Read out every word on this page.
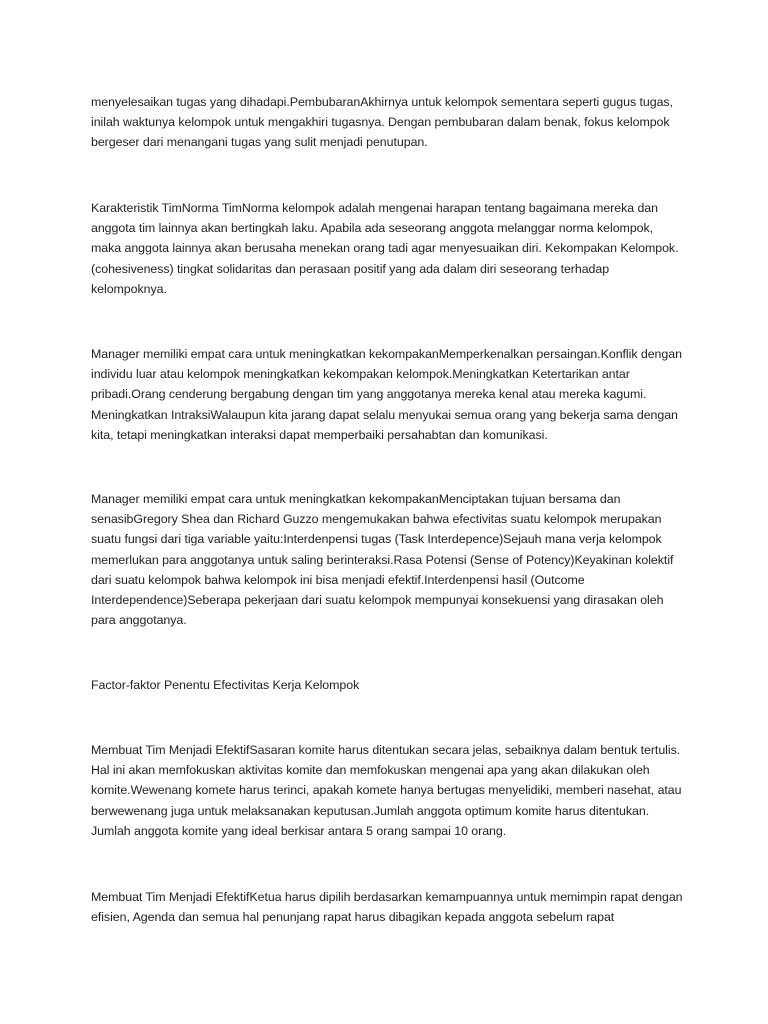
menyelesaikan tugas yang dihadapi.PembubaranAkhirnya untuk kelompok sementara seperti gugus tugas, inilah waktunya kelompok untuk mengakhiri tugasnya. Dengan pembubaran dalam benak, fokus kelompok bergeser dari menangani tugas yang sulit menjadi penutupan.

Karakteristik TimNorma TimNorma kelompok adalah mengenai harapan tentang bagaimana mereka dan anggota tim lainnya akan bertingkah laku. Apabila ada seseorang anggota melanggar norma kelompok, maka anggota lainnya akan berusaha menekan orang tadi agar menyesuaikan diri. Kekompakan Kelompok.(cohesiveness) tingkat solidaritas dan perasaan positif yang ada dalam diri seseorang terhadap kelompoknya.

Manager memiliki empat cara untuk meningkatkan kekompakanMemperkenalkan persaingan.Konflik dengan individu luar atau kelompok meningkatkan kekompakan kelompok.Meningkatkan Ketertarikan antar pribadi.Orang cenderung bergabung dengan tim yang anggotanya mereka kenal atau mereka kagumi. Meningkatkan IntraksiWalaupun kita jarang dapat selalu menyukai semua orang yang bekerja sama dengan kita, tetapi meningkatkan interaksi dapat memperbaiki persahabtan dan komunikasi.

Manager memiliki empat cara untuk meningkatkan kekompakanMenciptakan tujuan bersama dan senasibGregory Shea dan Richard Guzzo mengemukakan bahwa efectivitas suatu kelompok merupakan suatu fungsi dari tiga variable yaitu:Interdenpensi tugas (Task Interdepence)Sejauh mana verja kelompok memerlukan para anggotanya untuk saling berinteraksi.Rasa Potensi (Sense of Potency)Keyakinan kolektif dari suatu kelompok bahwa kelompok ini bisa menjadi efektif.Interdenpensi hasil (Outcome Interdependence)Seberapa pekerjaan dari suatu kelompok mempunyai konsekuensi yang dirasakan oleh para anggotanya.

Factor-faktor Penentu Efectivitas Kerja Kelompok

Membuat Tim Menjadi EfektifSasaran komite harus ditentukan secara jelas, sebaiknya dalam bentuk tertulis. Hal ini akan memfokuskan aktivitas komite dan memfokuskan mengenai apa yang akan dilakukan oleh komite.Wewenang komete harus terinci, apakah komete hanya bertugas menyelidiki, memberi nasehat, atau berwewenang juga untuk melaksanakan keputusan.Jumlah anggota optimum komite harus ditentukan. Jumlah anggota komite yang ideal berkisar antara 5 orang sampai 10 orang.

Membuat Tim Menjadi EfektifKetua harus dipilih berdasarkan kemampuannya untuk memimpin rapat dengan efisien, Agenda dan semua hal penunjang rapat harus dibagikan kepada anggota sebelum rapat
